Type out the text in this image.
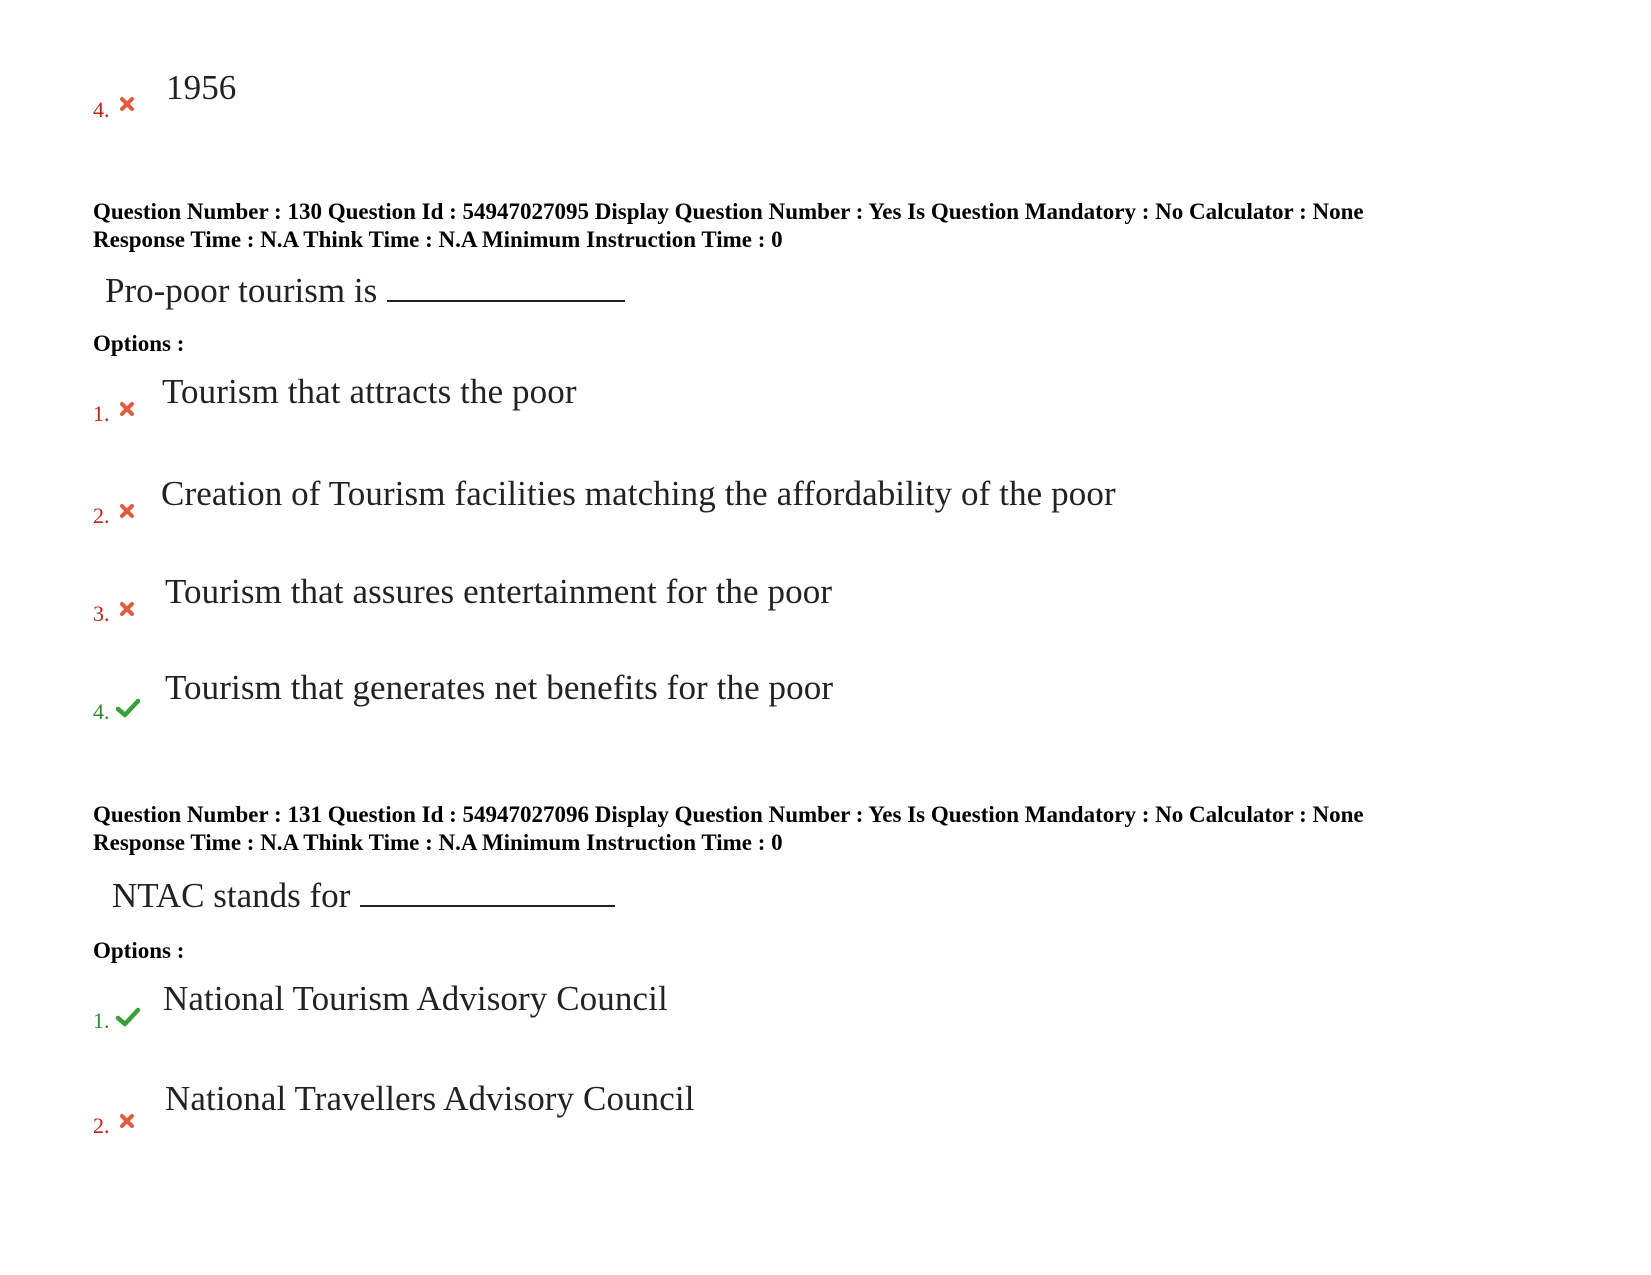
4.
1956
Question Number : 130 Question Id : 54947027095 Display Question Number : Yes Is Question Mandatory : No Calculator : None
Response Time : N.A Think Time : N.A Minimum Instruction Time : 0
Pro-poor tourism is
Options :
1.
Tourism that attracts the poor
2.
Creation of Tourism facilities matching the affordability of the poor
3.
Tourism that assures entertainment for the poor
4.
Tourism that generates net benefits for the poor
Question Number : 131 Question Id : 54947027096 Display Question Number : Yes Is Question Mandatory : No Calculator : None
Response Time : N.A Think Time : N.A Minimum Instruction Time : 0
NTAC stands for
Options :
1.
National Tourism Advisory Council
2.
National Travellers Advisory Council
